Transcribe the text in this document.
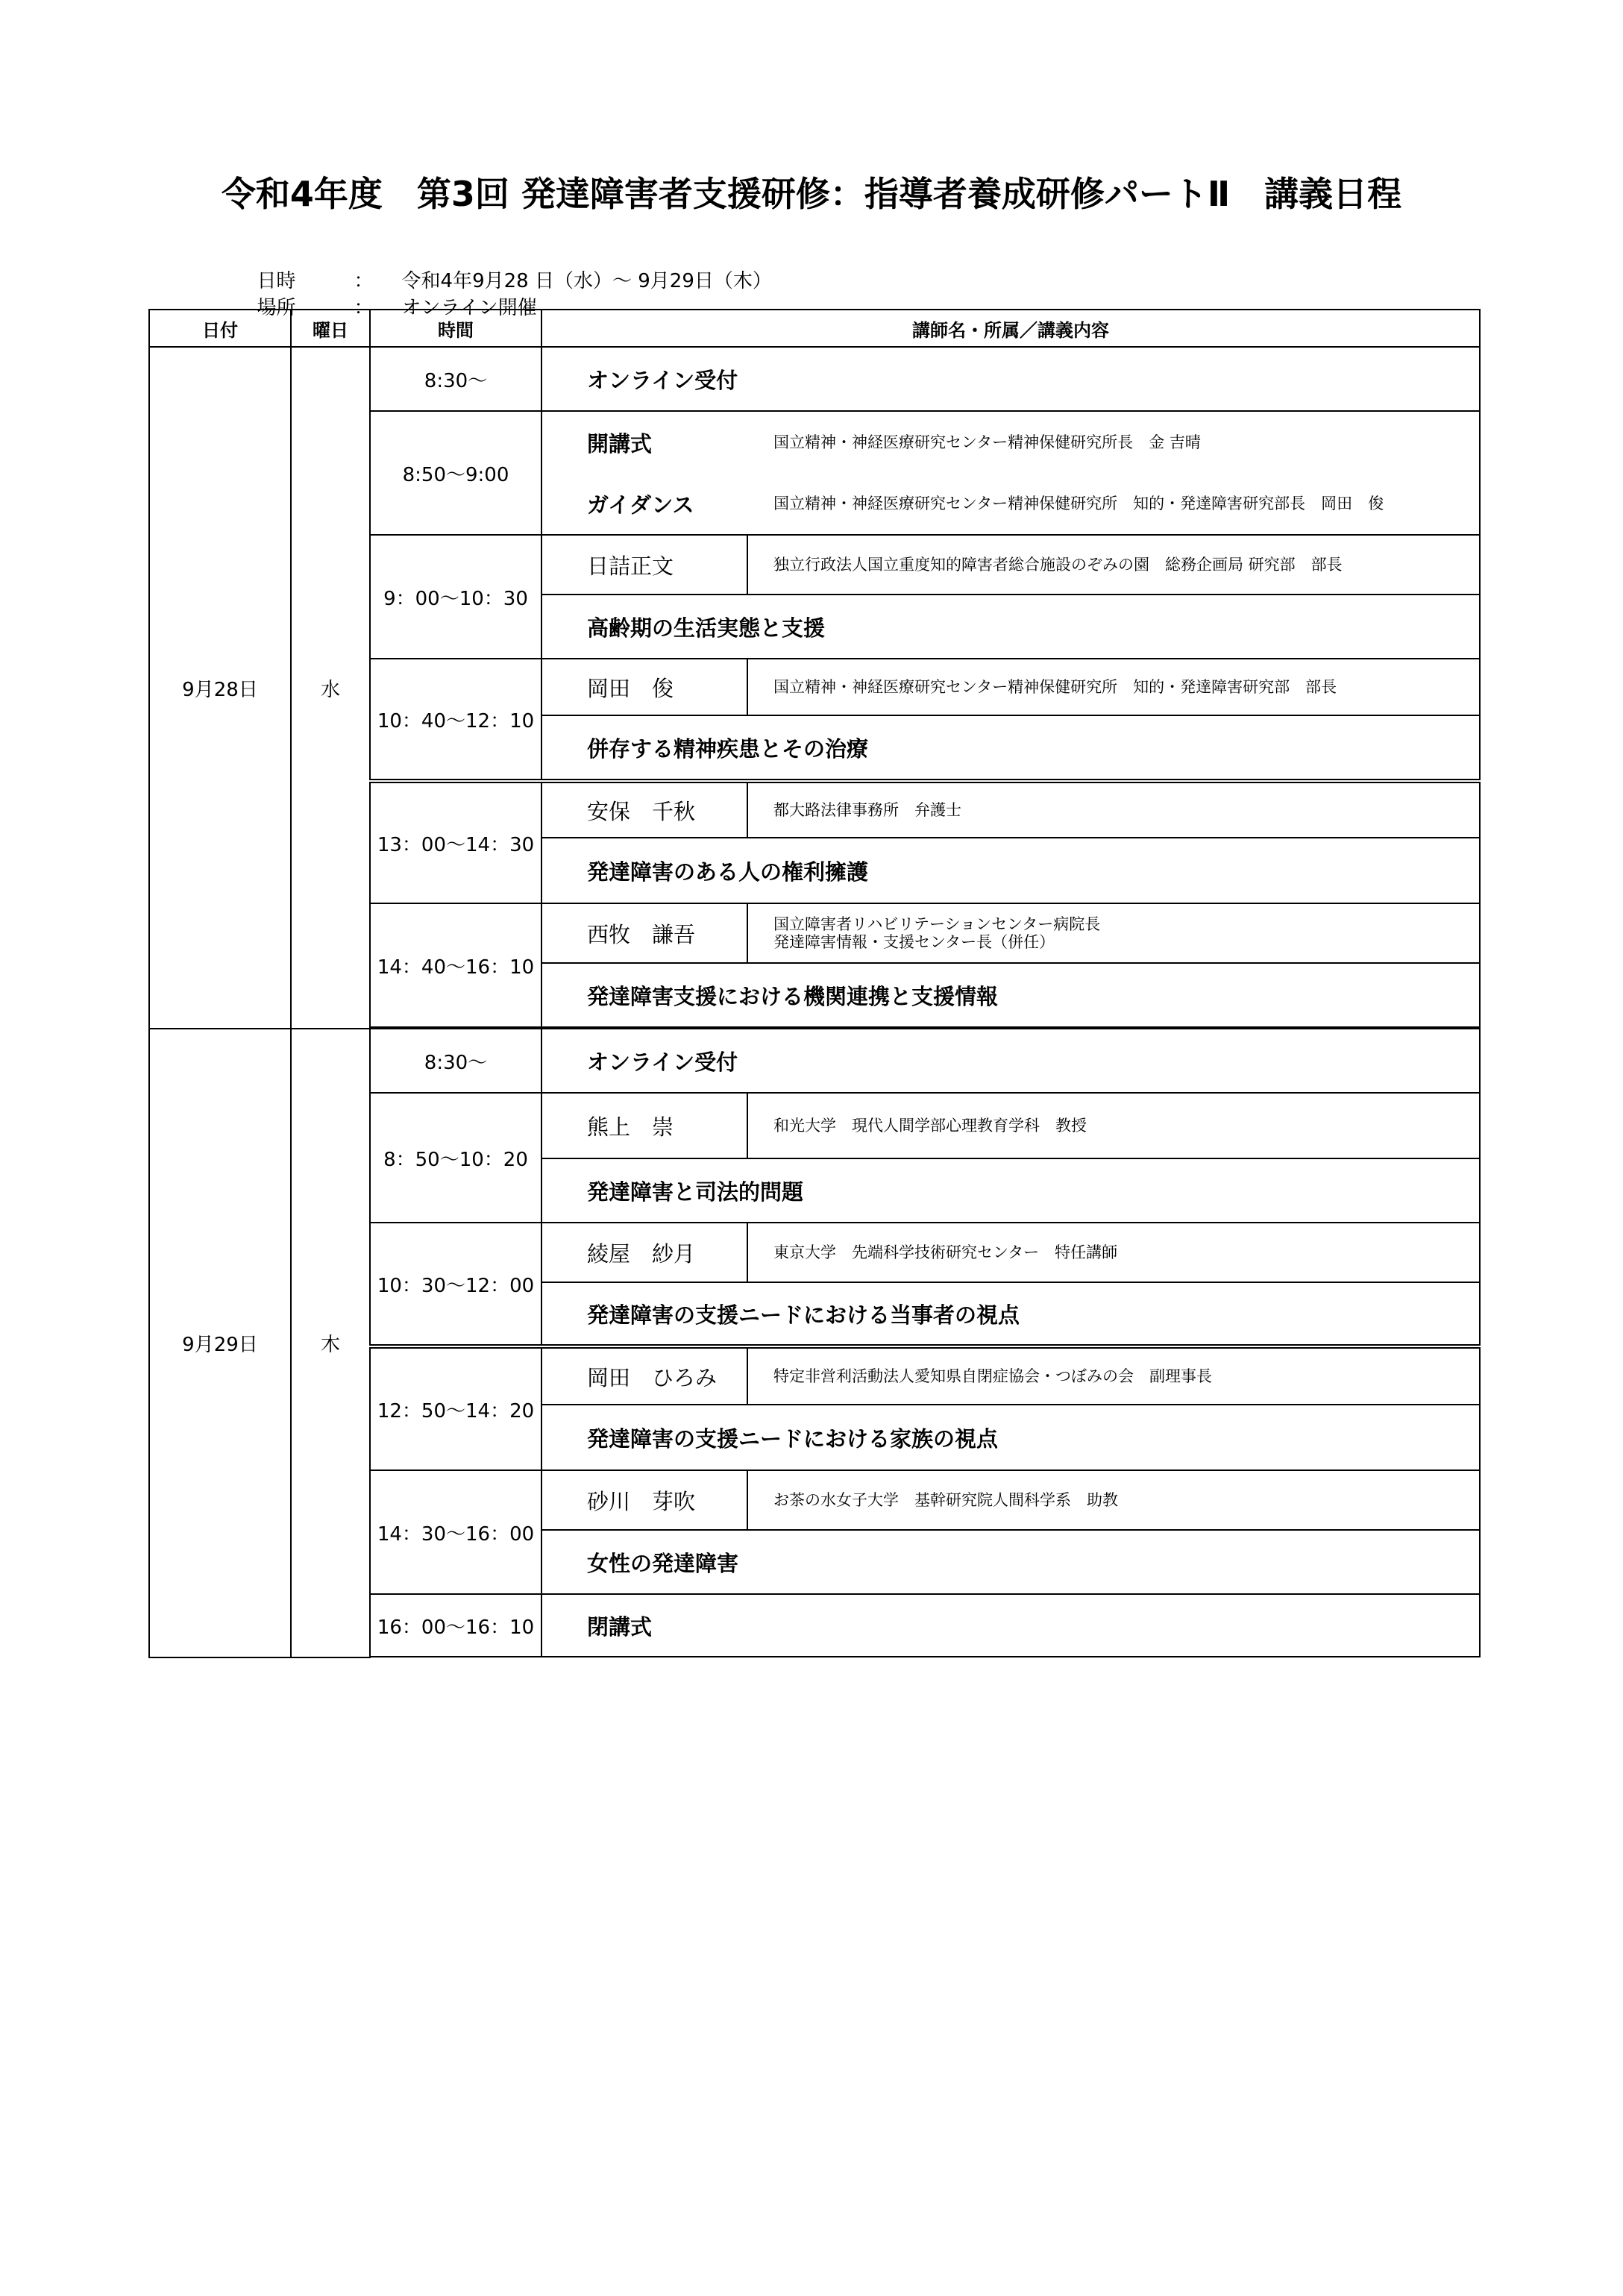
令和4年度　第3回 発達障害者支援研修：指導者養成研修パートⅡ　講義日程

日時	： 令和4年9月28 日（水）～ 9月29日（木）

場所	： オンライン開催

日付	曜日	時間	講師名・所属／講義内容
9月28日	水	8:30～	オンライン受付

		8:50～9:00	開講式 国立精神・神経医療研究センター精神保健研究所長　金 吉晴
ガイダンス 国立精神・神経医療研究センター精神保健研究所　知的・発達障害研究部長　岡田　俊

		9：00～10：30	日詰正文 独立行政法人国立重度知的障害者総合施設のぞみの園　総務企画局 研究部　部長
高齢期の生活実態と支援

		10：40～12：10	岡田　俊 国立精神・神経医療研究センター精神保健研究所　知的・発達障害研究部　部長
併存する精神疾患とその治療

		13：00～14：30	安保　千秋 都大路法律事務所　弁護士
発達障害のある人の権利擁護

		14：40～16：10	西牧　謙吾 国立障害者リハビリテーションセンター病院長
発達障害情報・支援センター長（併任）
発達障害支援における機関連携と支援情報

9月29日	木	8:30～	オンライン受付

		8：50～10：20	熊上　崇 和光大学　現代人間学部心理教育学科　教授
発達障害と司法的問題

		10：30～12：00	綾屋　紗月 東京大学　先端科学技術研究センター　特任講師
発達障害の支援ニードにおける当事者の視点

		12：50～14：20	岡田　ひろみ 特定非営利活動法人愛知県自閉症協会・つぼみの会　副理事長
発達障害の支援ニードにおける家族の視点

		14：30～16：00	砂川　芽吹 お茶の水女子大学　基幹研究院人間科学系　助教
女性の発達障害

		16：00～16：10	閉講式
